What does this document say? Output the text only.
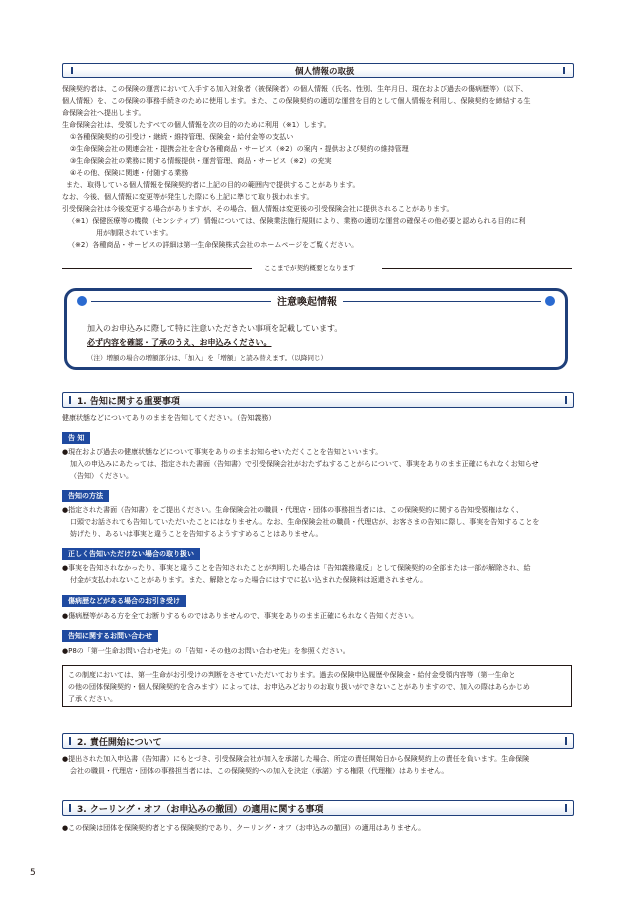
個人情報の取扱
保険契約者は、この保険の運営において入手する加入対象者（被保険者）の個人情報（氏名、性別、生年月日、現在および過去の傷病歴等）（以下、
個人情報）を、この保険の事務手続きのために使用します。また、この保険契約の適切な運営を目的として個人情報を利用し、保険契約を締結する生
命保険会社へ提出します。
生命保険会社は、受領したすべての個人情報を次の目的のために利用（※1）します。
①各種保険契約の引受け・継続・維持管理、保険金・給付金等の支払い
②生命保険会社の関連会社・提携会社を含む各種商品・サービス（※2）の案内・提供および契約の維持管理
③生命保険会社の業務に関する情報提供・運営管理、商品・サービス（※2）の充実
④その他、保険に関連・付随する業務
また、取得している個人情報を保険契約者に上記の目的の範囲内で提供することがあります。
なお、今後、個人情報に変更等が発生した際にも上記に準じて取り扱われます。
引受保険会社は今後変更する場合がありますが、その場合、個人情報は変更後の引受保険会社に提供されることがあります。
（※1）保健医療等の機微（センシティブ）情報については、保険業法施行規則により、業務の適切な運営の確保その他必要と認められる目的に利
用が制限されています。
（※2）各種商品・サービスの詳細は第一生命保険株式会社のホームページをご覧ください。
ここまでが契約概要となります
注意喚起情報
加入のお申込みに際して特に注意いただきたい事項を記載しています。
必ず内容を確認・了承のうえ、お申込みください。
（注）増額の場合の増額部分は、「加入」を「増額」と読み替えます。（以降同じ）
1. 告知に関する重要事項
健康状態などについてありのままを告知してください。（告知義務）
告 知
● 現在および過去の健康状態などについて事実をありのままお知らせいただくことを告知といいます。
加入の申込みにあたっては、指定された書面（告知書）で引受保険会社がおたずねすることがらについて、事実をありのまま正確にもれなくお知らせ
（告知）ください。
告知の方法
● 指定された書面（告知書）をご提出ください。生命保険会社の職員・代理店・団体の事務担当者には、この保険契約に関する告知受領権はなく、
口頭でお話されても告知していただいたことにはなりません。なお、生命保険会社の職員・代理店が、お客さまの告知に際し、事実を告知することを
妨げたり、あるいは事実と違うことを告知するようすすめることはありません。
正しく告知いただけない場合の取り扱い
● 事実を告知されなかったり、事実と違うことを告知されたことが判明した場合は「告知義務違反」として保険契約の全部または一部が解除され、給
付金が支払われないことがあります。また、解除となった場合にはすでに払い込まれた保険料は返還されません。
傷病歴などがある場合のお引き受け
● 傷病歴等がある方を全てお断りするものではありませんので、事実をありのまま正確にもれなく告知ください。
告知に関するお問い合わせ
● P8の「第一生命お問い合わせ先」の「告知・その他のお問い合わせ先」を参照ください。
この制度においては、第一生命がお引受けの判断をさせていただいております。過去の保険申込履歴や保険金・給付金受領内容等（第一生命と
の他の団体保険契約・個人保険契約を含みます）によっては、お申込みどおりのお取り扱いができないことがありますので、加入の際はあらかじめ
了承ください。
2. 責任開始について
● 提出された加入申込書（告知書）にもとづき、引受保険会社が加入を承諾した場合、所定の責任開始日から保険契約上の責任を負います。生命保険
会社の職員・代理店・団体の事務担当者には、この保険契約への加入を決定（承諾）する権限（代理権）はありません。
3. クーリング・オフ（お申込みの撤回）の適用に関する事項
● この保険は団体を保険契約者とする保険契約であり、クーリング・オフ（お申込みの撤回）の適用はありません。
5
